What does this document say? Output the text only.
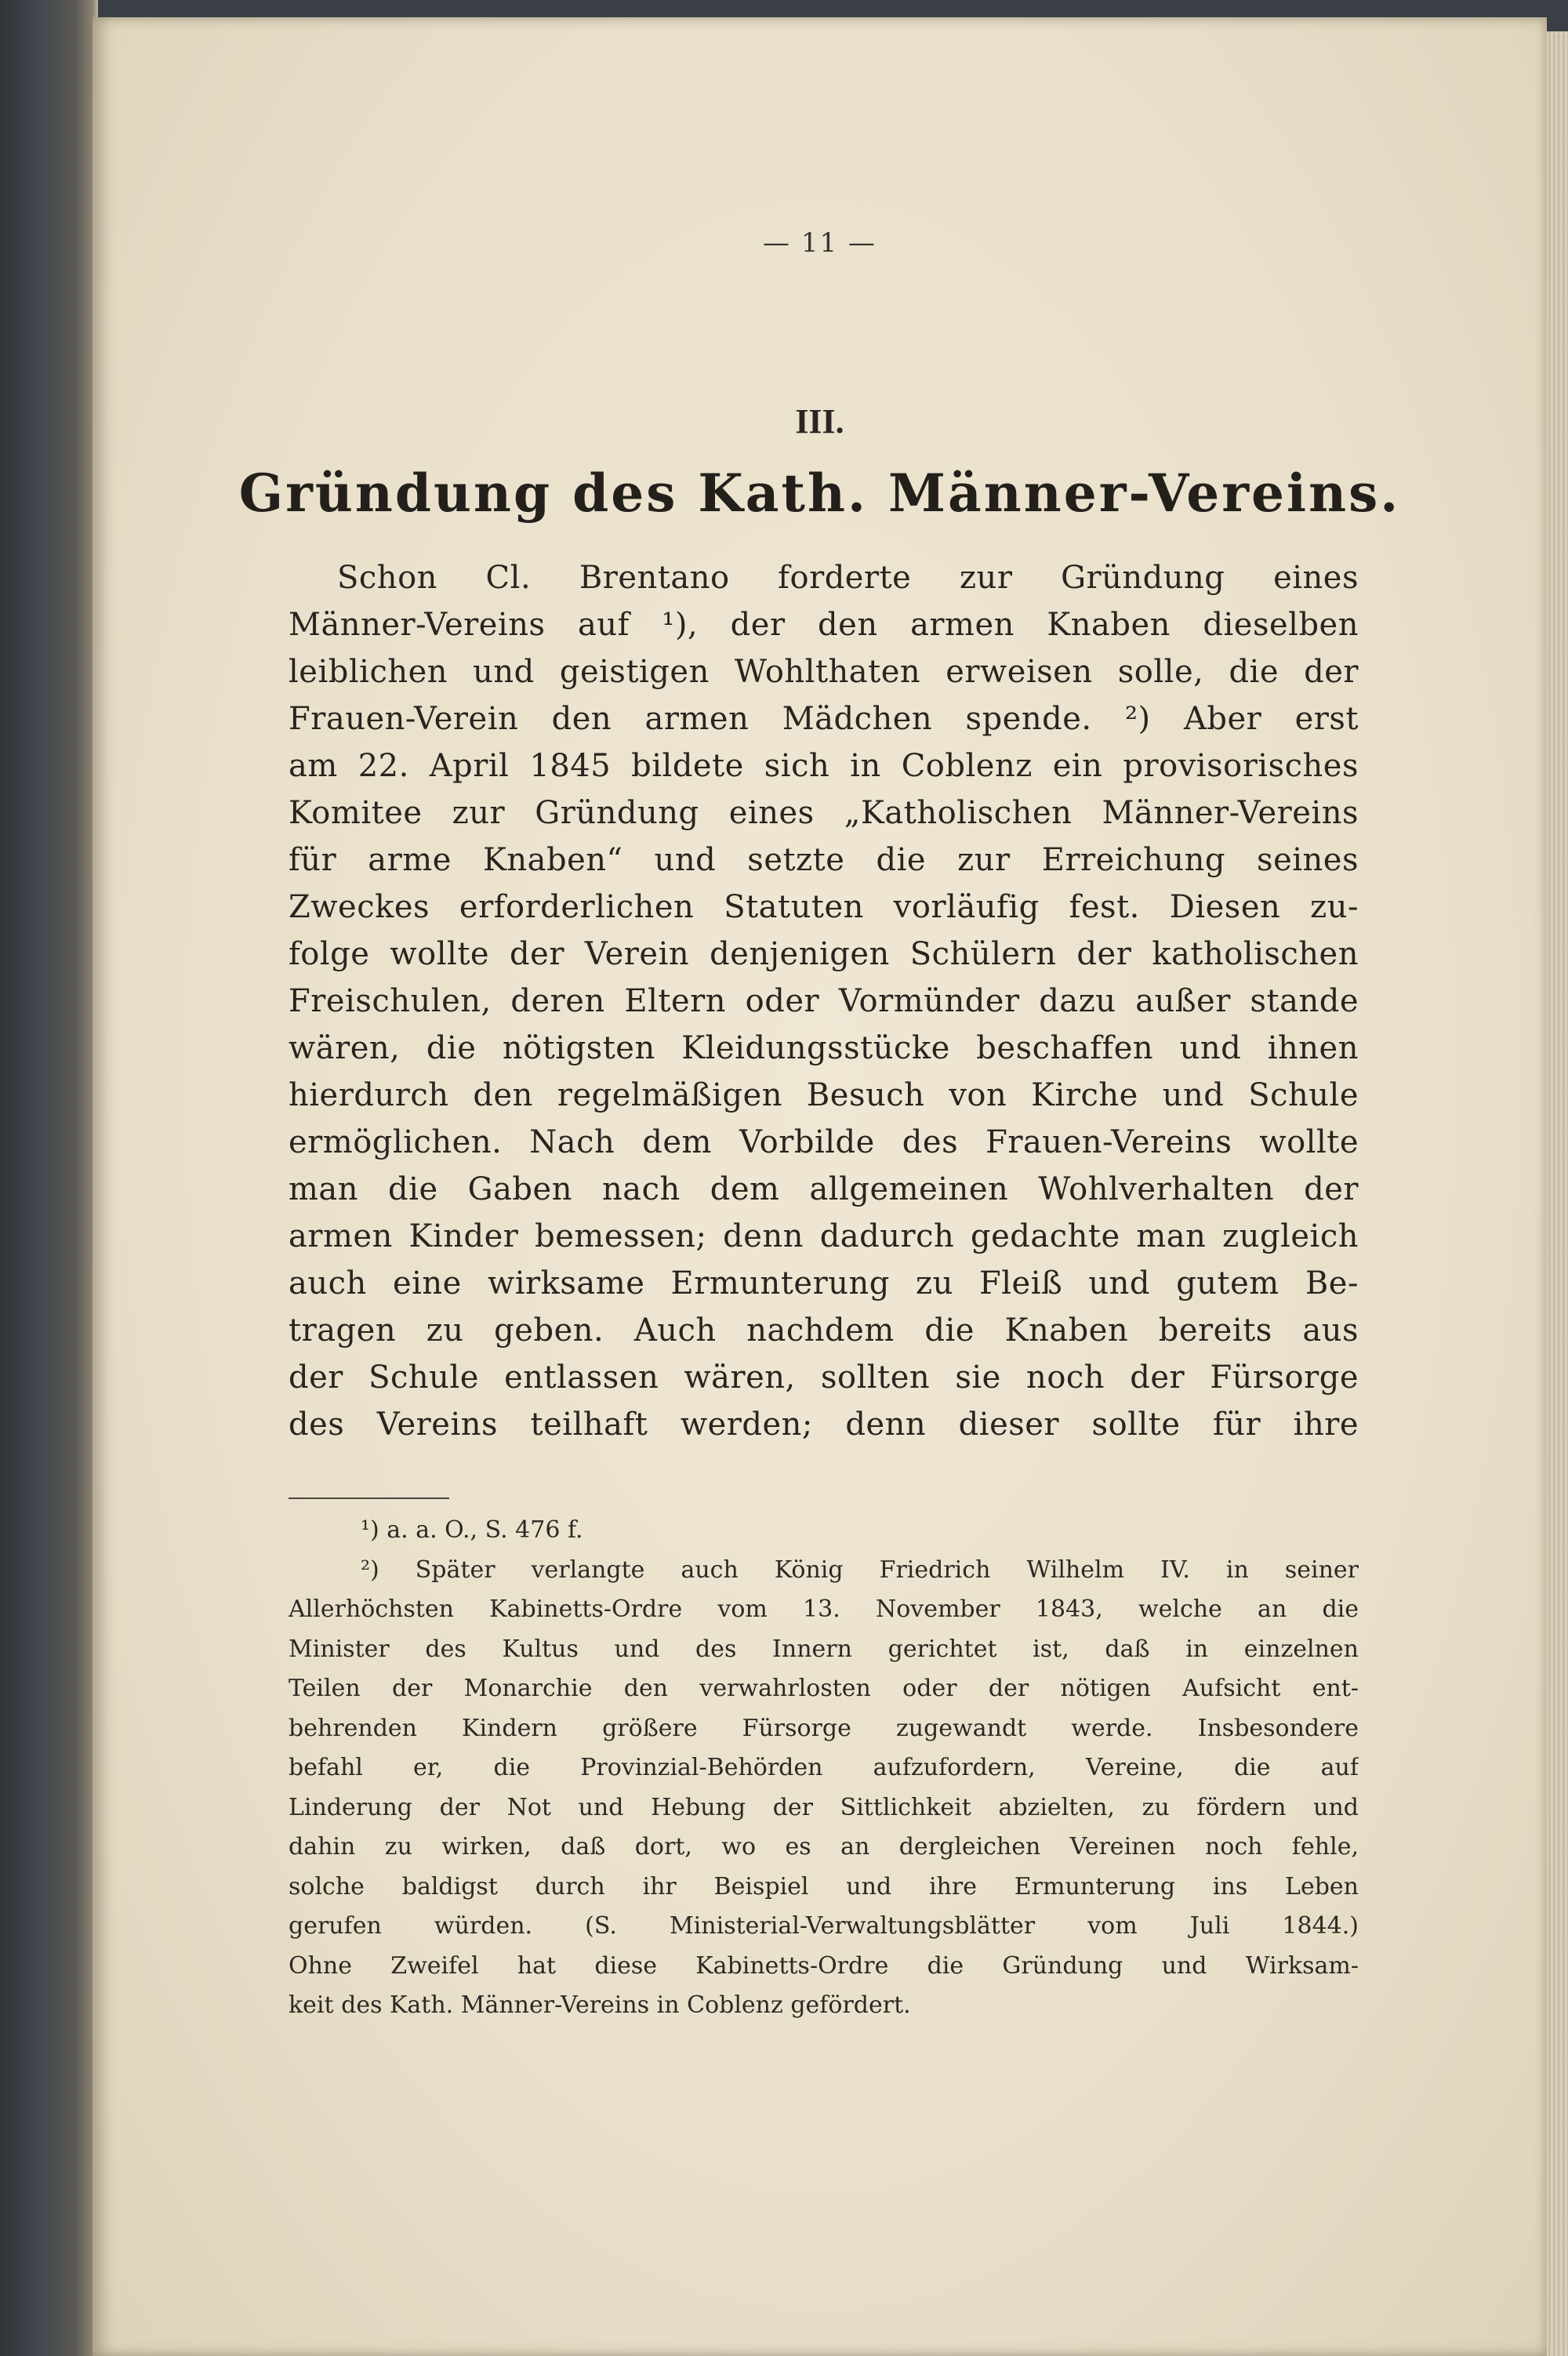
— 11 —
III.
Gründung des Kath. Männer-Vereins.
Schon Cl. Brentano forderte zur Gründung eines
Männer-Vereins auf ¹), der den armen Knaben dieselben
leiblichen und geistigen Wohlthaten erweisen solle, die der
Frauen-Verein den armen Mädchen spende. ²) Aber erst
am 22. April 1845 bildete sich in Coblenz ein provisorisches
Komitee zur Gründung eines „Katholischen Männer-Vereins
für arme Knaben“ und setzte die zur Erreichung seines
Zweckes erforderlichen Statuten vorläufig fest. Diesen zu-
folge wollte der Verein denjenigen Schülern der katholischen
Freischulen, deren Eltern oder Vormünder dazu außer stande
wären, die nötigsten Kleidungsstücke beschaffen und ihnen
hierdurch den regelmäßigen Besuch von Kirche und Schule
ermöglichen. Nach dem Vorbilde des Frauen-Vereins wollte
man die Gaben nach dem allgemeinen Wohlverhalten der
armen Kinder bemessen; denn dadurch gedachte man zugleich
auch eine wirksame Ermunterung zu Fleiß und gutem Be-
tragen zu geben. Auch nachdem die Knaben bereits aus
der Schule entlassen wären, sollten sie noch der Fürsorge
des Vereins teilhaft werden; denn dieser sollte für ihre
¹) a. a. O., S. 476 f.
²) Später verlangte auch König Friedrich Wilhelm IV. in seiner
Allerhöchsten Kabinetts-Ordre vom 13. November 1843, welche an die
Minister des Kultus und des Innern gerichtet ist, daß in einzelnen
Teilen der Monarchie den verwahrlosten oder der nötigen Aufsicht ent-
behrenden Kindern größere Fürsorge zugewandt werde. Insbesondere
befahl er, die Provinzial-Behörden aufzufordern, Vereine, die auf
Linderung der Not und Hebung der Sittlichkeit abzielten, zu fördern und
dahin zu wirken, daß dort, wo es an dergleichen Vereinen noch fehle,
solche baldigst durch ihr Beispiel und ihre Ermunterung ins Leben
gerufen würden. (S. Ministerial-Verwaltungsblätter vom Juli 1844.)
Ohne Zweifel hat diese Kabinetts-Ordre die Gründung und Wirksam-
keit des Kath. Männer-Vereins in Coblenz gefördert.
